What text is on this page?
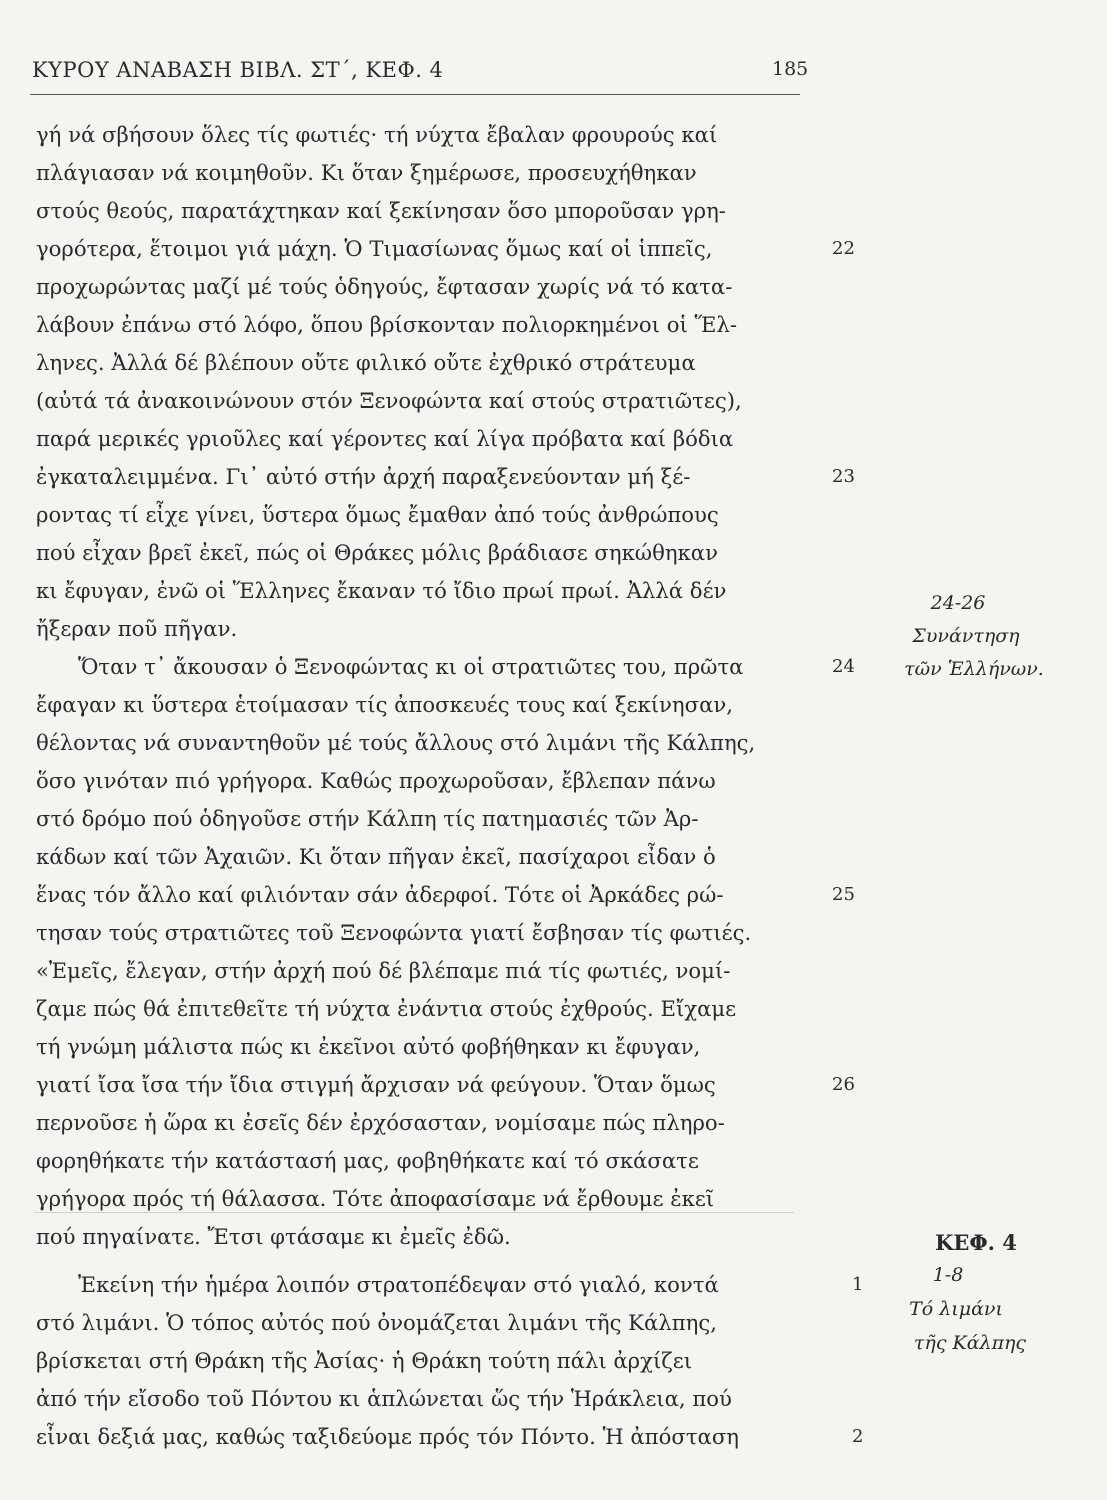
ΚΥΡΟΥ ΑΝΑΒΑΣΗ ΒΙΒΛ. ΣΤ΄, ΚΕΦ. 4	185
γή νά σβήσουν ὅλες τίς φωτιές· τή νύχτα ἔβαλαν φρουρούς καί
πλάγιασαν νά κοιμηθοῦν. Κι ὅταν ξημέρωσε, προσευχήθηκαν
στούς θεούς, παρατάχτηκαν καί ξεκίνησαν ὅσο μποροῦσαν γρη-
γορότερα, ἕτοιμοι γιά μάχη. Ὁ Τιμασίωνας ὅμως καί οἱ ἱππεῖς,
προχωρώντας μαζί μέ τούς ὁδηγούς, ἔφτασαν χωρίς νά τό κατα-
λάβουν ἐπάνω στό λόφο, ὅπου βρίσκονταν πολιορκημένοι οἱ Ἕλ-
ληνες. Ἀλλά δέ βλέπουν οὔτε φιλικό οὔτε ἐχθρικό στράτευμα
(αὐτά τά ἀνακοινώνουν στόν Ξενοφώντα καί στούς στρατιῶτες),
παρά μερικές γριοῦλες καί γέροντες καί λίγα πρόβατα καί βόδια
ἐγκαταλειμμένα. Γι᾿ αὐτό στήν ἀρχή παραξενεύονταν μή ξέ-
ροντας τί εἶχε γίνει, ὕστερα ὅμως ἔμαθαν ἀπό τούς ἀνθρώπους
πού εἶχαν βρεῖ ἐκεῖ, πώς οἱ Θράκες μόλις βράδιασε σηκώθηκαν
κι ἔφυγαν, ἐνῶ οἱ Ἕλληνες ἔκαναν τό ἴδιο πρωί πρωί. Ἀλλά δέν
ἤξεραν ποῦ πῆγαν.
Ὅταν τ᾿ ἄκουσαν ὁ Ξενοφώντας κι οἱ στρατιῶτες του, πρῶτα
ἔφαγαν κι ὕστερα ἑτοίμασαν τίς ἀποσκευές τους καί ξεκίνησαν,
θέλοντας νά συναντηθοῦν μέ τούς ἄλλους στό λιμάνι τῆς Κάλπης,
ὅσο γινόταν πιό γρήγορα. Καθώς προχωροῦσαν, ἔβλεπαν πάνω
στό δρόμο πού ὁδηγοῦσε στήν Κάλπη τίς πατημασιές τῶν Ἀρ-
κάδων καί τῶν Ἀχαιῶν. Κι ὅταν πῆγαν ἐκεῖ, πασίχαροι εἶδαν ὁ
ἕνας τόν ἄλλο καί φιλιόνταν σάν ἀδερφοί. Τότε οἱ Ἀρκάδες ρώ-
τησαν τούς στρατιῶτες τοῦ Ξενοφώντα γιατί ἔσβησαν τίς φωτιές.
«Ἐμεῖς, ἔλεγαν, στήν ἀρχή πού δέ βλέπαμε πιά τίς φωτιές, νομί-
ζαμε πώς θά ἐπιτεθεῖτε τή νύχτα ἐνάντια στούς ἐχθρούς. Εἴχαμε
τή γνώμη μάλιστα πώς κι ἐκεῖνοι αὐτό φοβήθηκαν κι ἔφυγαν,
γιατί ἴσα ἴσα τήν ἴδια στιγμή ἄρχισαν νά φεύγουν. Ὅταν ὅμως
περνοῦσε ἡ ὥρα κι ἐσεῖς δέν ἐρχόσασταν, νομίσαμε πώς πληρο-
φορηθήκατε τήν κατάστασή μας, φοβηθήκατε καί τό σκάσατε
γρήγορα πρός τή θάλασσα. Τότε ἀποφασίσαμε νά ἔρθουμε ἐκεῖ
πού πηγαίνατε. Ἔτσι φτάσαμε κι ἐμεῖς ἐδῶ.
Ἐκείνη τήν ἡμέρα λοιπόν στρατοπέδεψαν στό γιαλό, κοντά
στό λιμάνι. Ὁ τόπος αὐτός πού ὀνομάζεται λιμάνι τῆς Κάλπης,
βρίσκεται στή Θράκη τῆς Ἀσίας· ἡ Θράκη τούτη πάλι ἀρχίζει
ἀπό τήν εἴσοδο τοῦ Πόντου κι ἁπλώνεται ὥς τήν Ἡράκλεια, πού
εἶναι δεξιά μας, καθώς ταξιδεύομε πρός τόν Πόντο. Ἡ ἀπόσταση
22
23
24
25
26
1
2
24-26
Συνάντηση
τῶν Ἑλλήνων.
ΚΕΦ. 4
1-8
Τό λιμάνι
τῆς Κάλπης
